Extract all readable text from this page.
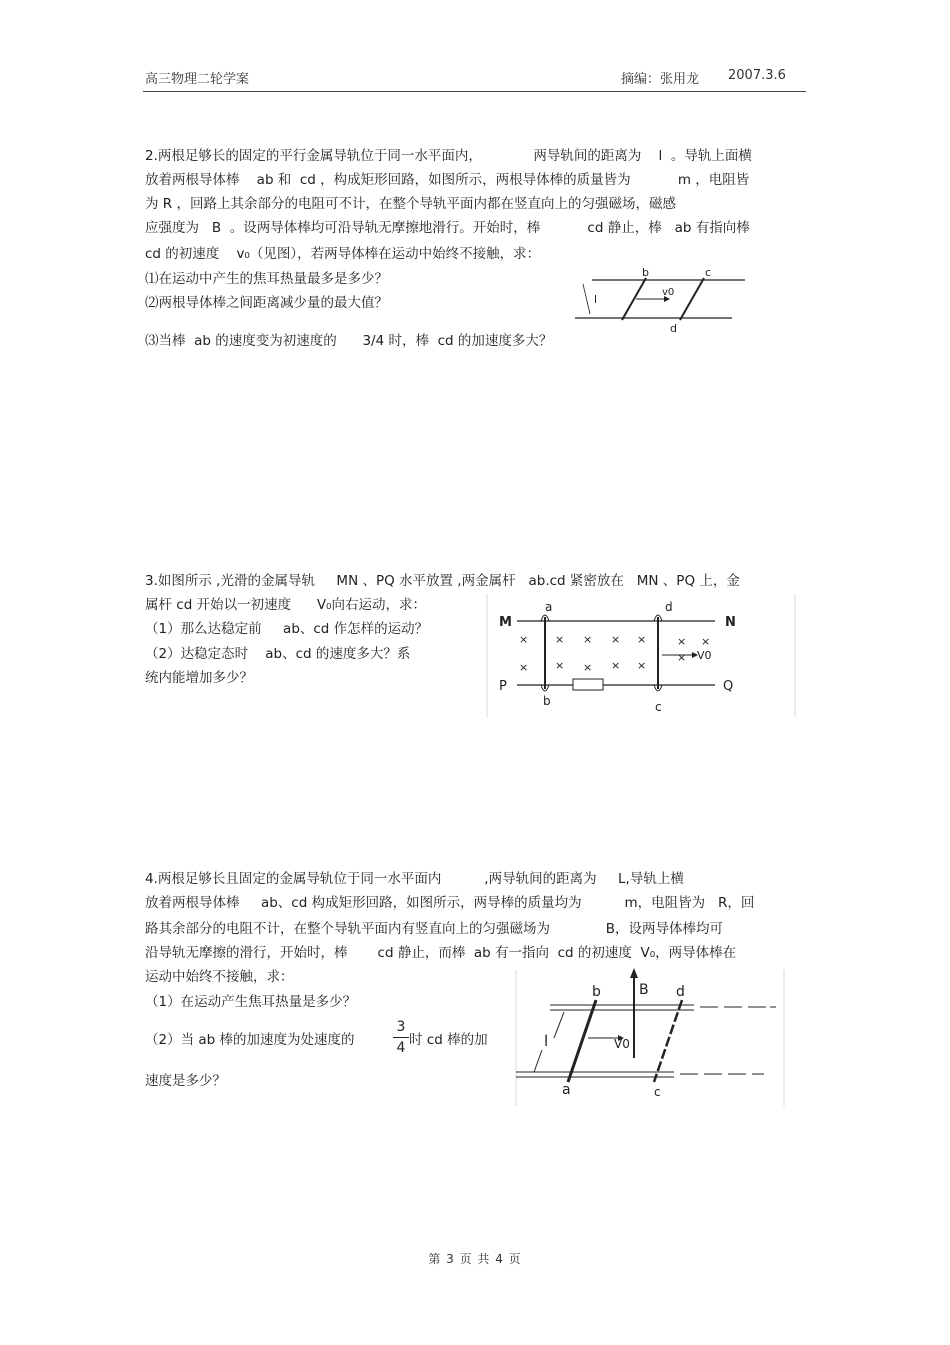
高三物理二轮学案	摘编：张用龙 2007.3.6
2.两根足够长的固定的平行金属导轨位于同一水平面内，            两导轨间的距离为    l  。导轨上面横
放着两根导体棒    ab 和  cd ，构成矩形回路，如图所示，两根导体棒的质量皆为           m ，电阻皆
为 R ，回路上其余部分的电阻可不计，在整个导轨平面内都在竖直向上的匀强磁场，磁感
应强度为   B  。设两导体棒均可沿导轨无摩擦地滑行。开始时，棒           cd 静止，棒   ab 有指向棒
cd 的初速度    v₀（见图），若两导体棒在运动中始终不接触，求：
⑴在运动中产生的焦耳热量最多是多少？
⑵两根导体棒之间距离减少量的最大值？
⑶当棒  ab 的速度变为初速度的      3/4 时，棒  cd 的加速度多大？
b	c
d
l
v0
3.如图所示 ,光滑的金属导轨     MN 、PQ 水平放置 ,两金属杆   ab.cd 紧密放在   MN 、PQ 上，金
属杆 cd 开始以一初速度      V₀向右运动，求：
（1）那么达稳定前     ab、cd 作怎样的运动？
（2）达稳定态时    ab、cd 的速度多大？系
统内能增加多少？
× × × × ×	× ×
× × × × ×
×
M	N
P	Q
a
b	c
d
V0
4.两根足够长且固定的金属导轨位于同一水平面内          ,两导轨间的距离为     L,导轨上横
放着两根导体棒     ab、cd 构成矩形回路，如图所示，两导棒的质量均为          m，电阻皆为   R，回
路其余部分的电阻不计，在整个导轨平面内有竖直向上的匀强磁场为             B，设两导体棒均可
沿导轨无摩擦的滑行，开始时，棒       cd 静止，而棒  ab 有一指向  cd 的初速度  V₀，两导体棒在
运动中始终不接触，求：
（1）在运动产生焦耳热量是多少？
（2）当 ab 棒的加速度为处速度的
3
4 时 cd 棒的加
速度是多少？
B
b	d
a	c
l	V0
第 3 页 共 4 页
